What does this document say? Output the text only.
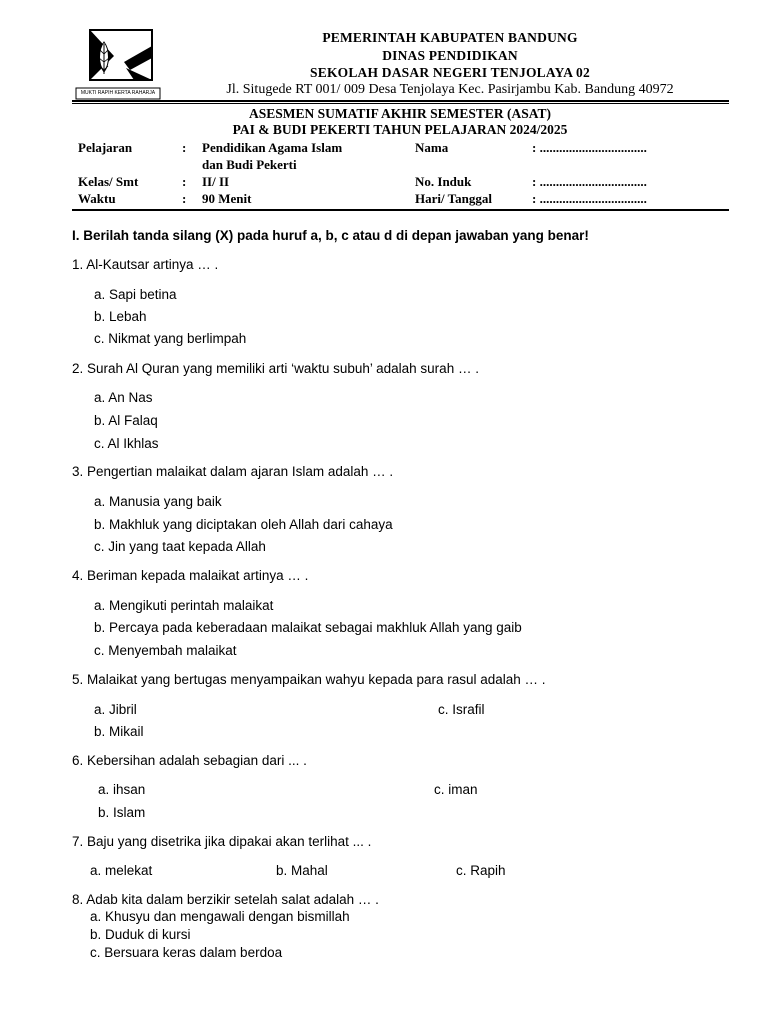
MUKTI RAPIH KERTA RAHARJA
PEMERINTAH KABUPATEN BANDUNG
DINAS PENDIDIKAN
SEKOLAH DASAR NEGERI TENJOLAYA 02
Jl. Situgede RT 001/ 009 Desa Tenjolaya Kec. Pasirjambu Kab. Bandung 40972
ASESMEN SUMATIF AKHIR SEMESTER (ASAT)
PAI & BUDI PEKERTI TAHUN PELAJARAN 2024/2025
Pelajaran	: Pendidikan Agama Islam
dan Budi Pekerti
Kelas/ Smt	: II/ II
Waktu	: 90 Menit
Nama	: .................................
No. Induk	: .................................
Hari/ Tanggal	: .................................
I. Berilah tanda silang (X) pada huruf a, b, c atau d di depan jawaban yang benar!
1. Al-Kautsar artinya … .
a. Sapi betina
b. Lebah
c. Nikmat yang berlimpah
2. Surah Al Quran yang memiliki arti ‘waktu subuh’ adalah surah … .
a. An Nas
b. Al Falaq
c. Al Ikhlas
3. Pengertian malaikat dalam ajaran Islam adalah … .
a. Manusia yang baik
b. Makhluk yang diciptakan oleh Allah dari cahaya
c. Jin yang taat kepada Allah
4. Beriman kepada malaikat artinya … .
a. Mengikuti perintah malaikat
b. Percaya pada keberadaan malaikat sebagai makhluk Allah yang gaib
c. Menyembah malaikat
5. Malaikat yang bertugas menyampaikan wahyu kepada para rasul adalah … .
a. Jibril
b. Mikail
c. Israfil
6. Kebersihan adalah sebagian dari ... .
a. ihsan
b. Islam
c. iman
7. Baju yang disetrika jika dipakai akan terlihat ... .
a. melekat	b. Mahal	c. Rapih
8. Adab kita dalam berzikir setelah salat adalah … .
a. Khusyu dan mengawali dengan bismillah
b. Duduk di kursi
c. Bersuara keras dalam berdoa
